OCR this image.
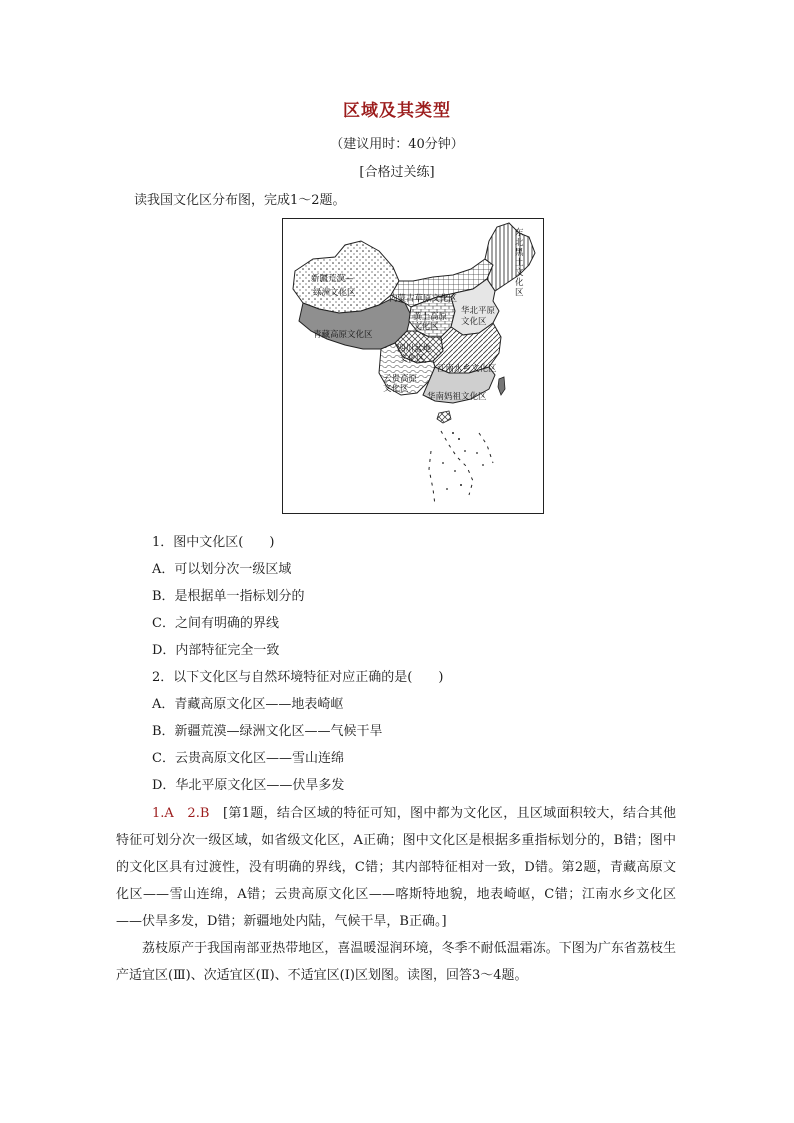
区域及其类型
（建议用时：40分钟）
[合格过关练]
读我国文化区分布图，完成1～2题。
新疆荒漠—
绿洲文化区
青藏高原文化区
内蒙古草原文化区
东
北
黑
土
文
化
区
黄土高原
文化区
华北平原
文化区
四川盆地
文化区
江南水乡文化区
云贵高原
文化区
华南妈祖文化区
1．图中文化区(　　)
A．可以划分次一级区域
B．是根据单一指标划分的
C．之间有明确的界线
D．内部特征完全一致
2．以下文化区与自然环境特征对应正确的是(　　)
A．青藏高原文化区——地表崎岖
B．新疆荒漠—绿洲文化区——气候干旱
C．云贵高原文化区——雪山连绵
D．华北平原文化区——伏旱多发
1.A　2.B　 [第1题，结合区域的特征可知，图中都为文化区，且区域面积较大，结合其他特征可划分次一级区域，如省级文化区，A正确；图中文化区是根据多重指标划分的，B错；图中的文化区具有过渡性，没有明确的界线，C错；其内部特征相对一致，D错。第2题，青藏高原文化区——雪山连绵，A错；云贵高原文化区——喀斯特地貌，地表崎岖，C错；江南水乡文化区——伏旱多发，D错；新疆地处内陆，气候干旱，B正确。]
荔枝原产于我国南部亚热带地区，喜温暖湿润环境，冬季不耐低温霜冻。下图为广东省荔枝生产适宜区(Ⅲ)、次适宜区(Ⅱ)、不适宜区(Ⅰ)区划图。读图，回答3～4题。
